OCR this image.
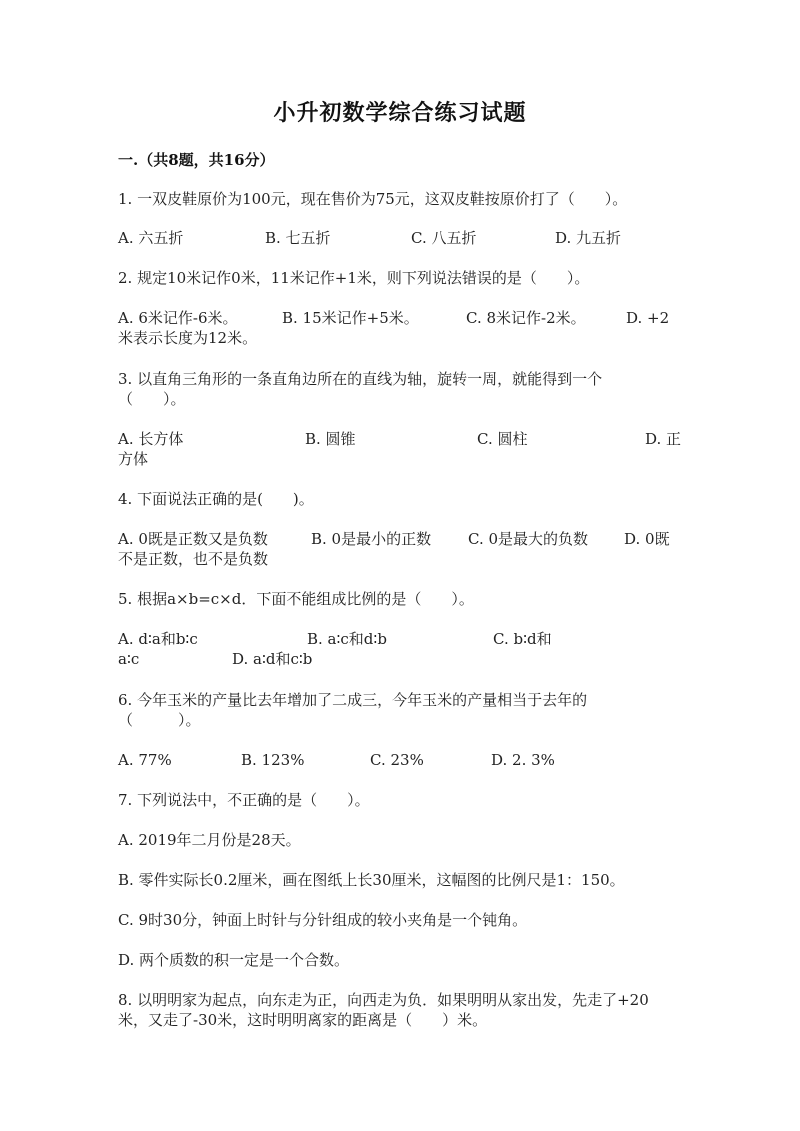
小升初数学综合练习试题
一.（共8题，共16分）
1. 一双皮鞋原价为100元，现在售价为75元，这双皮鞋按原价打了（　　）。
A. 六五折	B. 七五折	C. 八五折	D. 九五折
2. 规定10米记作0米，11米记作+1米，则下列说法错误的是（　　）。
A. 6米记作-6米。	B. 15米记作+5米。	C. 8米记作-2米。	D. +2
米表示长度为12米。
3. 以直角三角形的一条直角边所在的直线为轴，旋转一周，就能得到一个
（　　）。
A. 长方体	B. 圆锥	C. 圆柱	D. 正
方体
4. 下面说法正确的是(　　)。
A. 0既是正数又是负数	B. 0是最小的正数 C. 0是最大的负数 D. 0既
不是正数，也不是负数
5. 根据a×b=c×d．下面不能组成比例的是（　　）。
A. d∶a和b∶c	B. a∶c和d∶b	C. b∶d和
a∶c	D. a∶d和c∶b
6. 今年玉米的产量比去年增加了二成三，今年玉米的产量相当于去年的
（　　　）。
A. 77%	B. 123%	C. 23%	D. 2. 3%
7. 下列说法中，不正确的是（　　）。
A. 2019年二月份是28天。
B. 零件实际长0.2厘米，画在图纸上长30厘米，这幅图的比例尺是1：150。
C. 9时30分，钟面上时针与分针组成的较小夹角是一个钝角。
D. 两个质数的积一定是一个合数。
8. 以明明家为起点，向东走为正，向西走为负．如果明明从家出发，先走了+20
米，又走了-30米，这时明明离家的距离是（　　）米。
